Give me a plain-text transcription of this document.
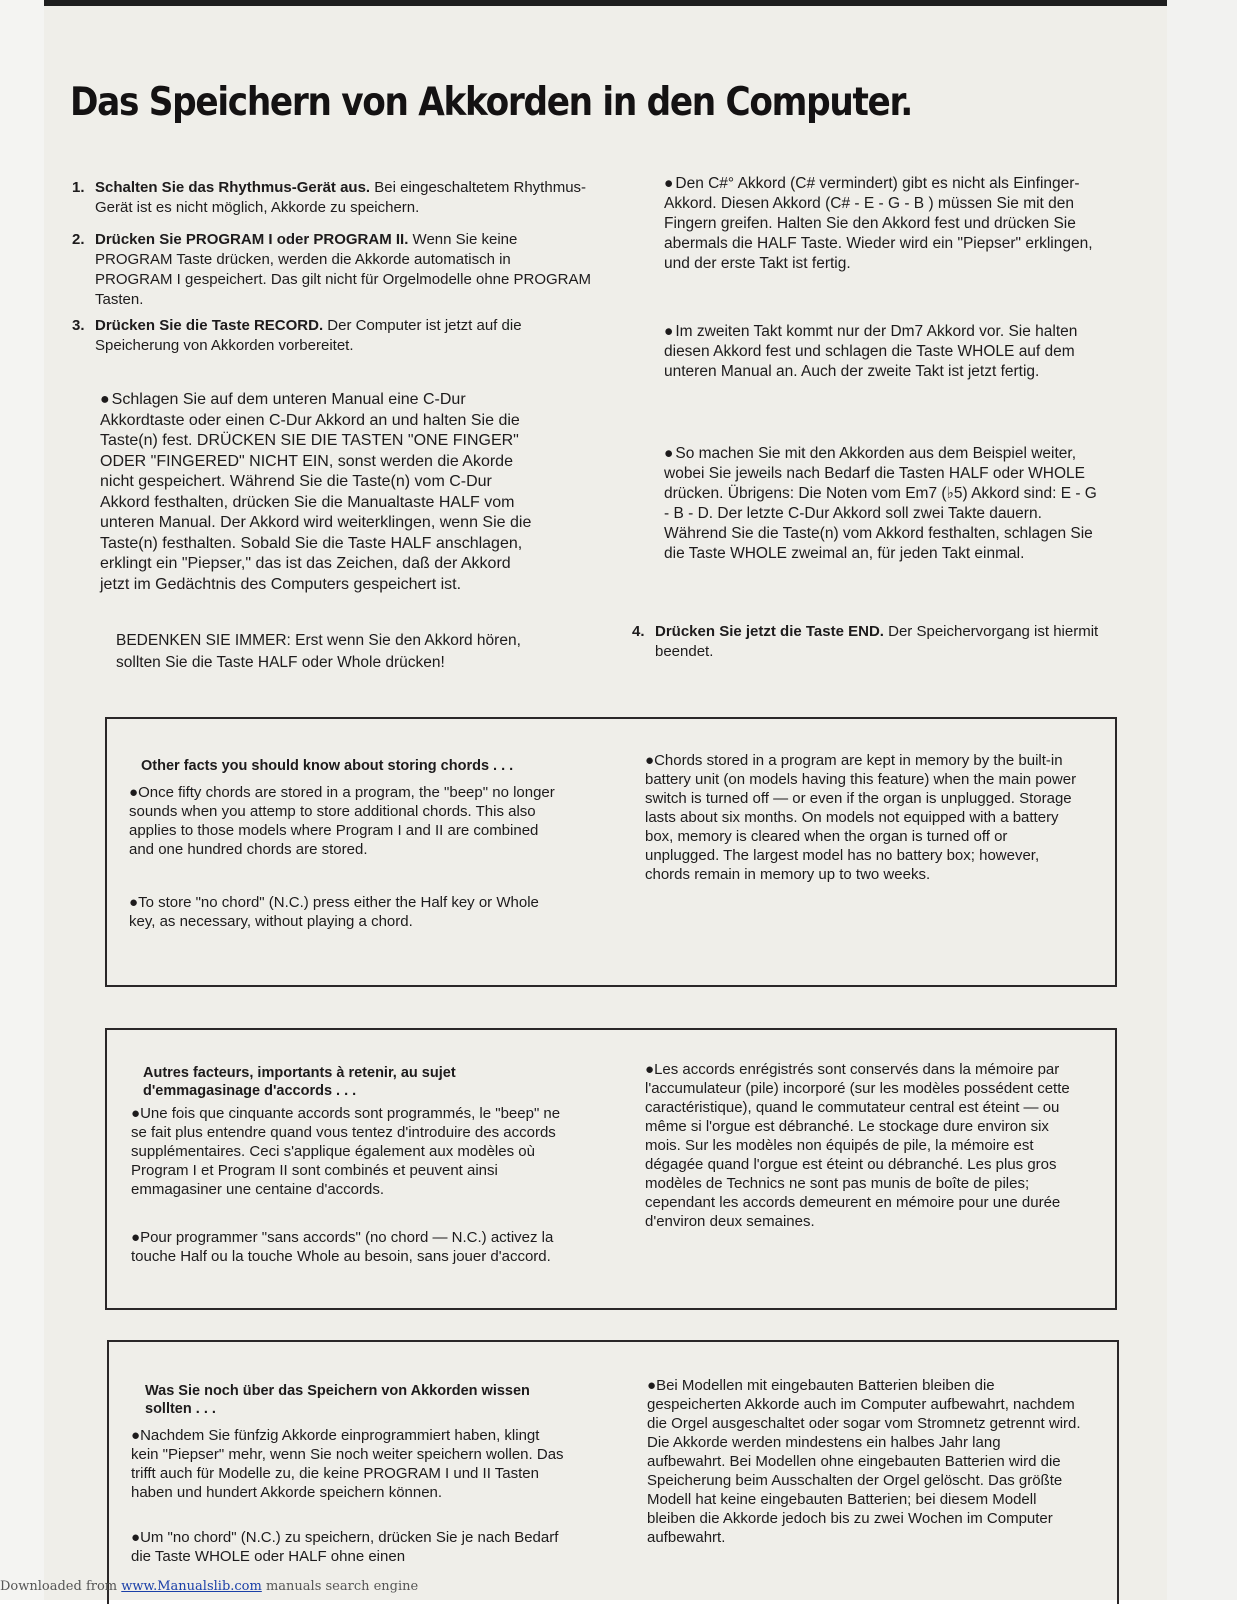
Das Speichern von Akkorden in den Computer.
1. Schalten Sie das Rhythmus-Gerät aus. Bei eingeschaltetem Rhythmus-Gerät ist es nicht möglich, Akkorde zu speichern.
2. Drücken Sie PROGRAM I oder PROGRAM II. Wenn Sie keine PROGRAM Taste drücken, werden die Akkorde automatisch in PROGRAM I gespeichert. Das gilt nicht für Orgelmodelle ohne PROGRAM Tasten.
3. Drücken Sie die Taste RECORD. Der Computer ist jetzt auf die Speicherung von Akkorden vorbereitet.
● Schlagen Sie auf dem unteren Manual eine C-Dur Akkordtaste oder einen C-Dur Akkord an und halten Sie die Taste(n) fest. DRÜCKEN SIE DIE TASTEN "ONE FINGER" ODER "FINGERED" NICHT EIN, sonst werden die Akorde nicht gespeichert. Während Sie die Taste(n) vom C-Dur Akkord festhalten, drücken Sie die Manualtaste HALF vom unteren Manual. Der Akkord wird weiterklingen, wenn Sie die Taste(n) festhalten. Sobald Sie die Taste HALF anschlagen, erklingt ein "Piepser," das ist das Zeichen, daß der Akkord jetzt im Gedächtnis des Computers gespeichert ist.
BEDENKEN SIE IMMER: Erst wenn Sie den Akkord hören, sollten Sie die Taste HALF oder Whole drücken!
● Den C#° Akkord (C# vermindert) gibt es nicht als Einfinger-Akkord. Diesen Akkord (C# - E - G - B ) müssen Sie mit den Fingern greifen. Halten Sie den Akkord fest und drücken Sie abermals die HALF Taste. Wieder wird ein "Piepser" erklingen, und der erste Takt ist fertig.
● Im zweiten Takt kommt nur der Dm7 Akkord vor. Sie halten diesen Akkord fest und schlagen die Taste WHOLE auf dem unteren Manual an. Auch der zweite Takt ist jetzt fertig.
● So machen Sie mit den Akkorden aus dem Beispiel weiter, wobei Sie jeweils nach Bedarf die Tasten HALF oder WHOLE drücken. Übrigens: Die Noten vom Em7 (♭5) Akkord sind: E - G - B - D. Der letzte C-Dur Akkord soll zwei Takte dauern. Während Sie die Taste(n) vom Akkord festhalten, schlagen Sie die Taste WHOLE zweimal an, für jeden Takt einmal.
4. Drücken Sie jetzt die Taste END. Der Speichervorgang ist hiermit beendet.
Other facts you should know about storing chords . . .
●Once fifty chords are stored in a program, the "beep" no longer sounds when you attemp to store additional chords. This also applies to those models where Program I and II are combined and one hundred chords are stored.
●To store "no chord" (N.C.) press either the Half key or Whole key, as necessary, without playing a chord.
●Chords stored in a program are kept in memory by the built-in battery unit (on models having this feature) when the main power switch is turned off — or even if the organ is unplugged. Storage lasts about six months. On models not equipped with a battery box, memory is cleared when the organ is turned off or unplugged. The largest model has no battery box; however, chords remain in memory up to two weeks.
Autres facteurs, importants à retenir, au sujet d'emmagasinage d'accords . . .
●Une fois que cinquante accords sont programmés, le "beep" ne se fait plus entendre quand vous tentez d'introduire des accords supplémentaires. Ceci s'applique également aux modèles où Program I et Program II sont combinés et peuvent ainsi emmagasiner une centaine d'accords.
●Pour programmer "sans accords" (no chord — N.C.) activez la touche Half ou la touche Whole au besoin, sans jouer d'accord.
●Les accords enrégistrés sont conservés dans la mémoire par l'accumulateur (pile) incorporé (sur les modèles possédent cette caractéristique), quand le commutateur central est éteint — ou même si l'orgue est débranché. Le stockage dure environ six mois. Sur les modèles non équipés de pile, la mémoire est dégagée quand l'orgue est éteint ou débranché. Les plus gros modèles de Technics ne sont pas munis de boîte de piles; cependant les accords demeurent en mémoire pour une durée d'environ deux semaines.
Was Sie noch über das Speichern von Akkorden wissen sollten . . .
●Nachdem Sie fünfzig Akkorde einprogrammiert haben, klingt kein "Piepser" mehr, wenn Sie noch weiter speichern wollen. Das trifft auch für Modelle zu, die keine PROGRAM I und II Tasten haben und hundert Akkorde speichern können.
●Um "no chord" (N.C.) zu speichern, drücken Sie je nach Bedarf die Taste WHOLE oder HALF ohne einen
●Bei Modellen mit eingebauten Batterien bleiben die gespeicherten Akkorde auch im Computer aufbewahrt, nachdem die Orgel ausgeschaltet oder sogar vom Stromnetz getrennt wird. Die Akkorde werden mindestens ein halbes Jahr lang aufbewahrt. Bei Modellen ohne eingebauten Batterien wird die Speicherung beim Ausschalten der Orgel gelöscht. Das größte Modell hat keine eingebauten Batterien; bei diesem Modell bleiben die Akkorde jedoch bis zu zwei Wochen im Computer aufbewahrt.
Downloaded from www.Manualslib.com manuals search engine
